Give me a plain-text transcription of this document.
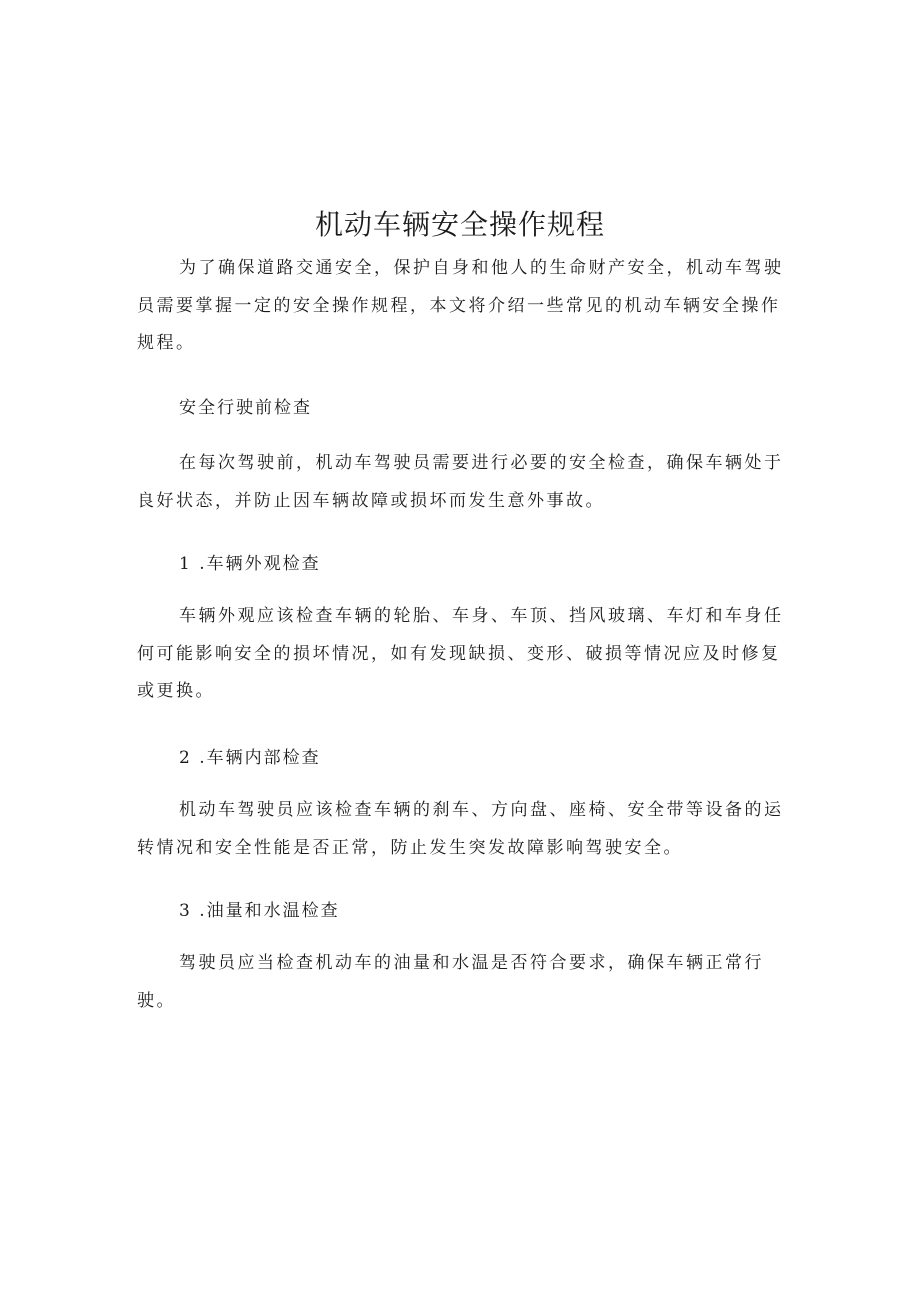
机动车辆安全操作规程

为了确保道路交通安全，保护自身和他人的生命财产安全，机动车驾驶
员需要掌握一定的安全操作规程，本文将介绍一些常见的机动车辆安全操作
规程。

安全行驶前检查

在每次驾驶前，机动车驾驶员需要进行必要的安全检查，确保车辆处于
良好状态，并防止因车辆故障或损坏而发生意外事故。

1 .车辆外观检查

车辆外观应该检查车辆的轮胎、车身、车顶、挡风玻璃、车灯和车身任
何可能影响安全的损坏情况，如有发现缺损、变形、破损等情况应及时修复
或更换。

2 .车辆内部检查

机动车驾驶员应该检查车辆的刹车、方向盘、座椅、安全带等设备的运
转情况和安全性能是否正常，防止发生突发故障影响驾驶安全。

3 .油量和水温检查

驾驶员应当检查机动车的油量和水温是否符合要求，确保车辆正常行
驶。
